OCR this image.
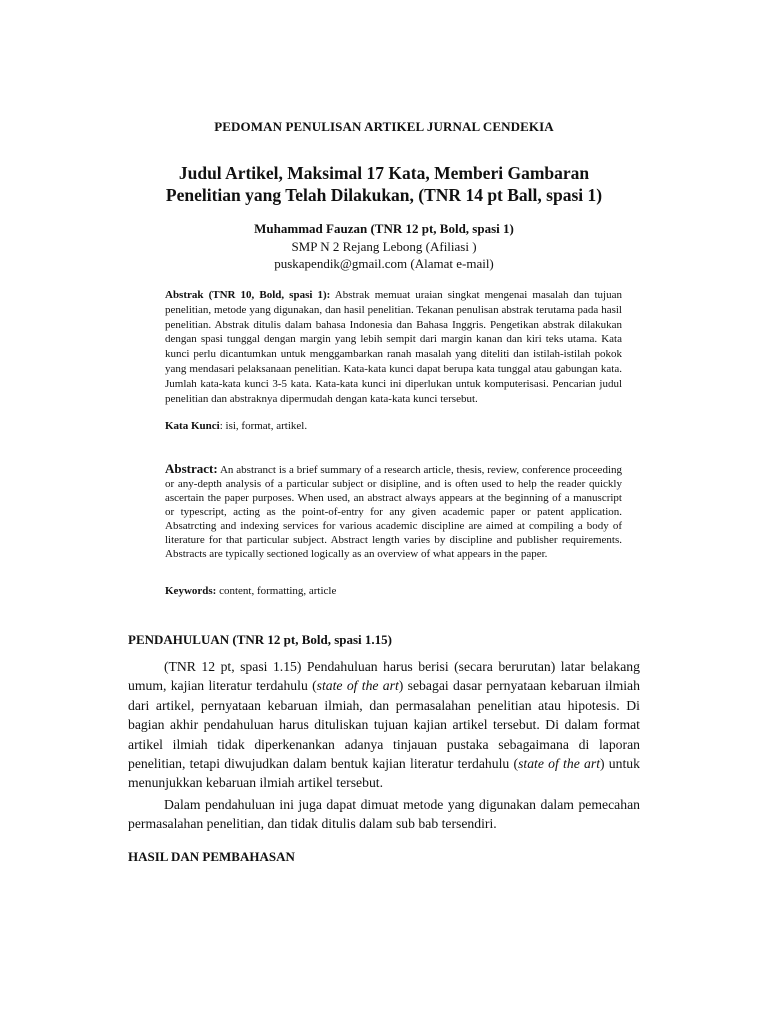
PEDOMAN PENULISAN ARTIKEL JURNAL CENDEKIA

Judul Artikel, Maksimal 17 Kata, Memberi Gambaran
Penelitian yang Telah Dilakukan, (TNR 14 pt Ball, spasi 1)
Muhammad Fauzan (TNR 12 pt, Bold, spasi 1)
SMP N 2 Rejang Lebong (Afiliasi )
puskapendik@gmail.com (Alamat e-mail)

Abstrak (TNR 10, Bold, spasi 1): Abstrak memuat uraian singkat mengenai masalah dan tujuan penelitian, metode yang digunakan, dan hasil penelitian. Tekanan penulisan abstrak terutama pada hasil penelitian. Abstrak ditulis dalam bahasa Indonesia dan Bahasa Inggris. Pengetikan abstrak dilakukan dengan spasi tunggal dengan margin yang lebih sempit dari margin kanan dan kiri teks utama. Kata kunci perlu dicantumkan untuk menggambarkan ranah masalah yang diteliti dan istilah-istilah pokok yang mendasari pelaksanaan penelitian. Kata-kata kunci dapat berupa kata tunggal atau gabungan kata. Jumlah kata-kata kunci 3-5 kata. Kata-kata kunci ini diperlukan untuk komputerisasi. Pencarian judul penelitian dan abstraknya dipermudah dengan kata-kata kunci tersebut.

Kata Kunci: isi, format, artikel.

Abstract: An abstranct is a brief summary of a research article, thesis, review, conference proceeding or any-depth analysis of a particular subject or disipline, and is often used to help the reader quickly ascertain the paper purposes. When used, an abstract always appears at the beginning of a manuscript or typescript, acting as the point-of-entry for any given academic paper or patent application. Absatrcting and indexing services for various academic discipline are aimed at compiling a body of literature for that particular subject. Abstract length varies by discipline and publisher requirements. Abstracts are typically sectioned logically as an overview of what appears in the paper.

Keywords: content, formatting, article

PENDAHULUAN (TNR 12 pt, Bold, spasi 1.15)

(TNR 12 pt, spasi 1.15) Pendahuluan harus berisi (secara berurutan) latar belakang umum, kajian literatur terdahulu (state of the art) sebagai dasar pernyataan kebaruan ilmiah dari artikel, pernyataan kebaruan ilmiah, dan permasalahan penelitian atau hipotesis. Di bagian akhir pendahuluan harus dituliskan tujuan kajian artikel tersebut. Di dalam format artikel ilmiah tidak diperkenankan adanya tinjauan pustaka sebagaimana di laporan penelitian, tetapi diwujudkan dalam bentuk kajian literatur terdahulu (state of the art) untuk menunjukkan kebaruan ilmiah artikel tersebut.

Dalam pendahuluan ini juga dapat dimuat metode yang digunakan dalam pemecahan permasalahan penelitian, dan tidak ditulis dalam sub bab tersendiri.

HASIL DAN PEMBAHASAN
